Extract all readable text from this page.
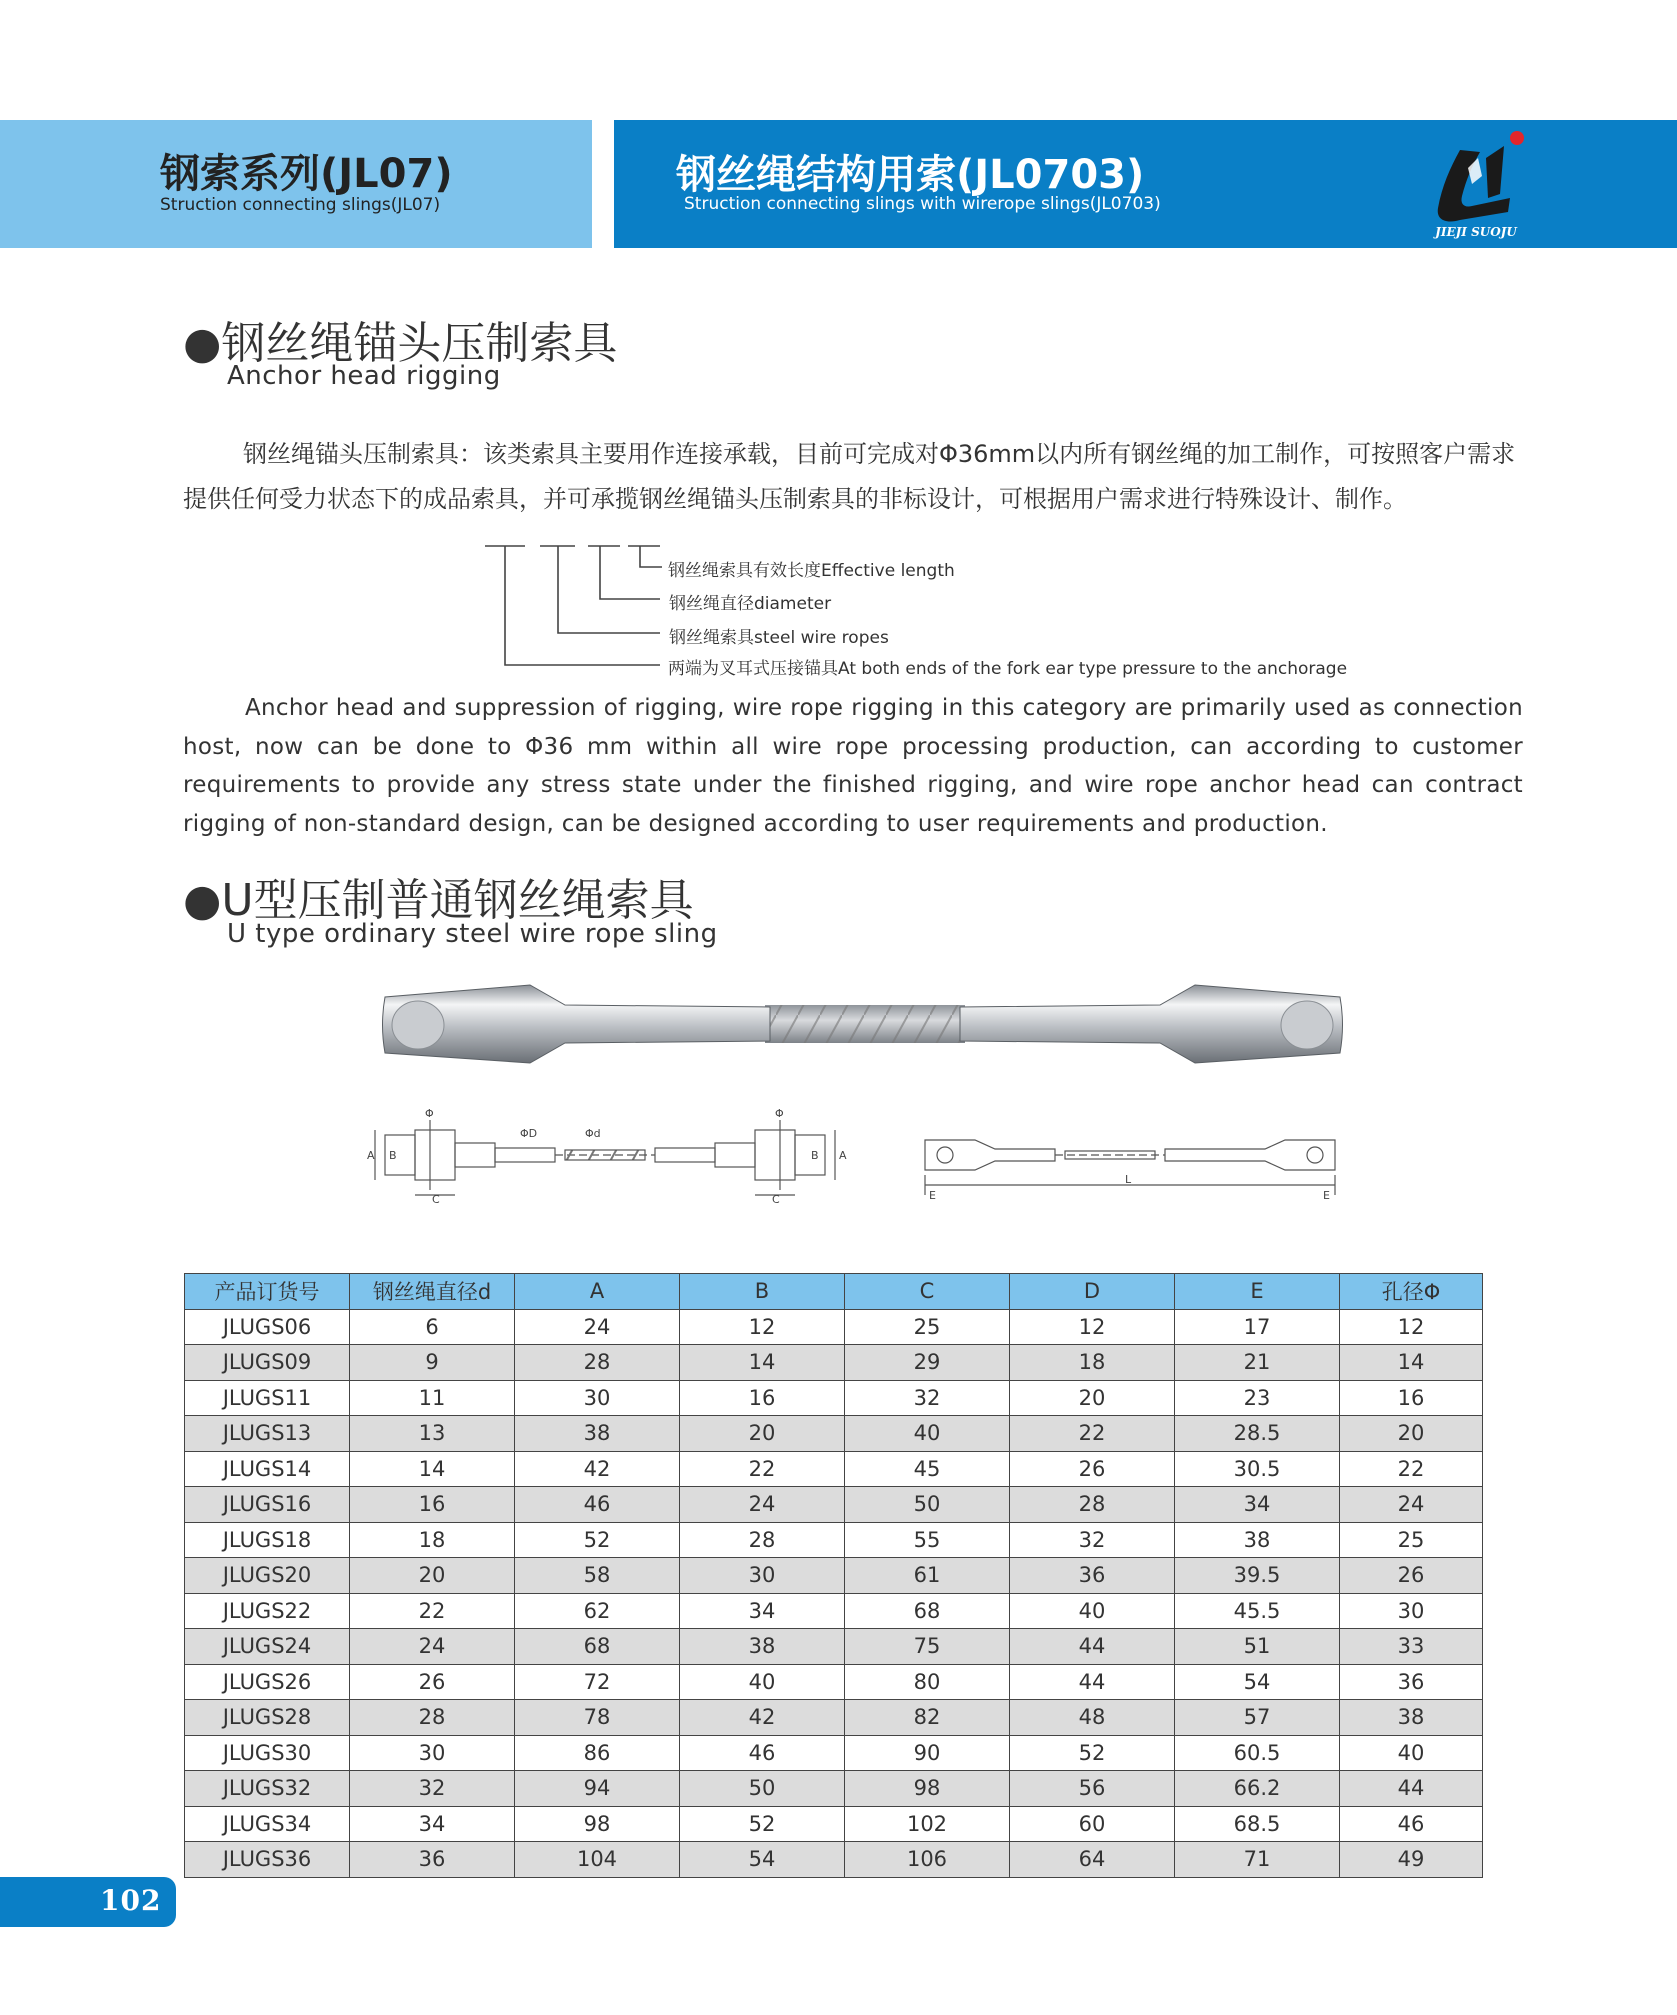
钢索系列(JL07)
Struction connecting slings(JL07)
钢丝绳结构用索(JL0703)
Struction connecting slings with wirerope slings(JL0703)
JIEJI SUOJU
●钢丝绳锚头压制索具
Anchor head rigging
钢丝绳锚头压制索具：该类索具主要用作连接承载，目前可完成对Φ36mm以内所有钢丝绳的加工制作，可按照客户需求提供任何受力状态下的成品索具，并可承揽钢丝绳锚头压制索具的非标设计，可根据用户需求进行特殊设计、制作。
钢丝绳索具有效长度Effective length
钢丝绳直径diameter
钢丝绳索具steel wire ropes
两端为叉耳式压接锚具At both ends of the fork ear type pressure to the anchorage
Anchor head and suppression of rigging, wire rope rigging in this category are primarily used as connection host, now can be done to Φ36 mm within all wire rope processing production, can according to customer requirements to provide any stress state under the finished rigging, and wire rope anchor head can contract rigging of non-standard design, can be designed according to user requirements and production.
●U型压制普通钢丝绳索具
U type ordinary steel wire rope sling
Φ
ΦD	Φd
Φ
A B
C	C
B A
E
L
E
产品订货号	钢丝绳直径d	A	B	C	D	E	孔径Φ
JLUGS06	6	24	12	25	12	17	12
JLUGS09	9	28	14	29	18	21	14
JLUGS11	11	30	16	32	20	23	16
JLUGS13	13	38	20	40	22	28.5	20
JLUGS14	14	42	22	45	26	30.5	22
JLUGS16	16	46	24	50	28	34	24
JLUGS18	18	52	28	55	32	38	25
JLUGS20	20	58	30	61	36	39.5	26
JLUGS22	22	62	34	68	40	45.5	30
JLUGS24	24	68	38	75	44	51	33
JLUGS26	26	72	40	80	44	54	36
JLUGS28	28	78	42	82	48	57	38
JLUGS30	30	86	46	90	52	60.5	40
JLUGS32	32	94	50	98	56	66.2	44
JLUGS34	34	98	52	102	60	68.5	46
JLUGS36	36	104	54	106	64	71	49
102
